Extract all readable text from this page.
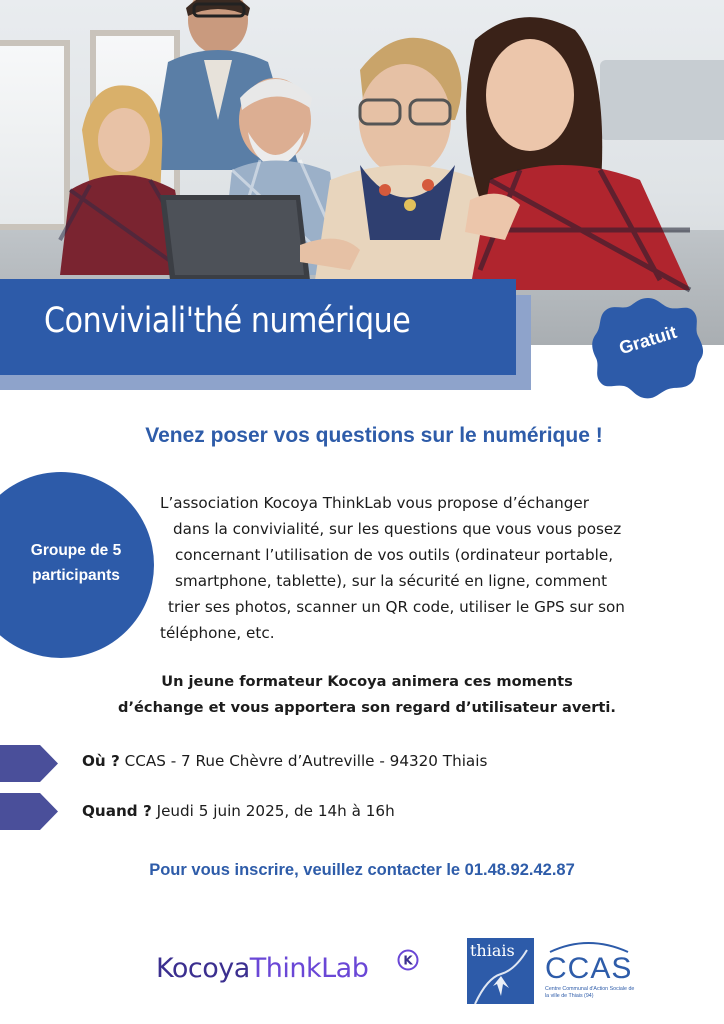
Conviviali'thé numérique	Gratuit
Venez poser vos questions sur le numérique !
Groupe de 5
participants
L’association Kocoya ThinkLab vous propose d’échanger
dans la convivialité, sur les questions que vous vous posez
concernant l’utilisation de vos outils (ordinateur portable,
smartphone, tablette), sur la sécurité en ligne, comment
trier ses photos, scanner un QR code, utiliser le GPS sur son
téléphone, etc.
Un jeune formateur Kocoya animera ces moments
d’échange et vous apportera son regard d’utilisateur averti.
Où ? CCAS - 7 Rue Chèvre d’Autreville - 94320 Thiais
Quand ? Jeudi 5 juin 2025, de 14h à 16h
Pour vous inscrire, veuillez contacter le 01.48.92.42.87
KocoyaThinkLab	K
thiais
CCAS
Centre Communal d'Action Sociale de la ville de Thiais (94)
